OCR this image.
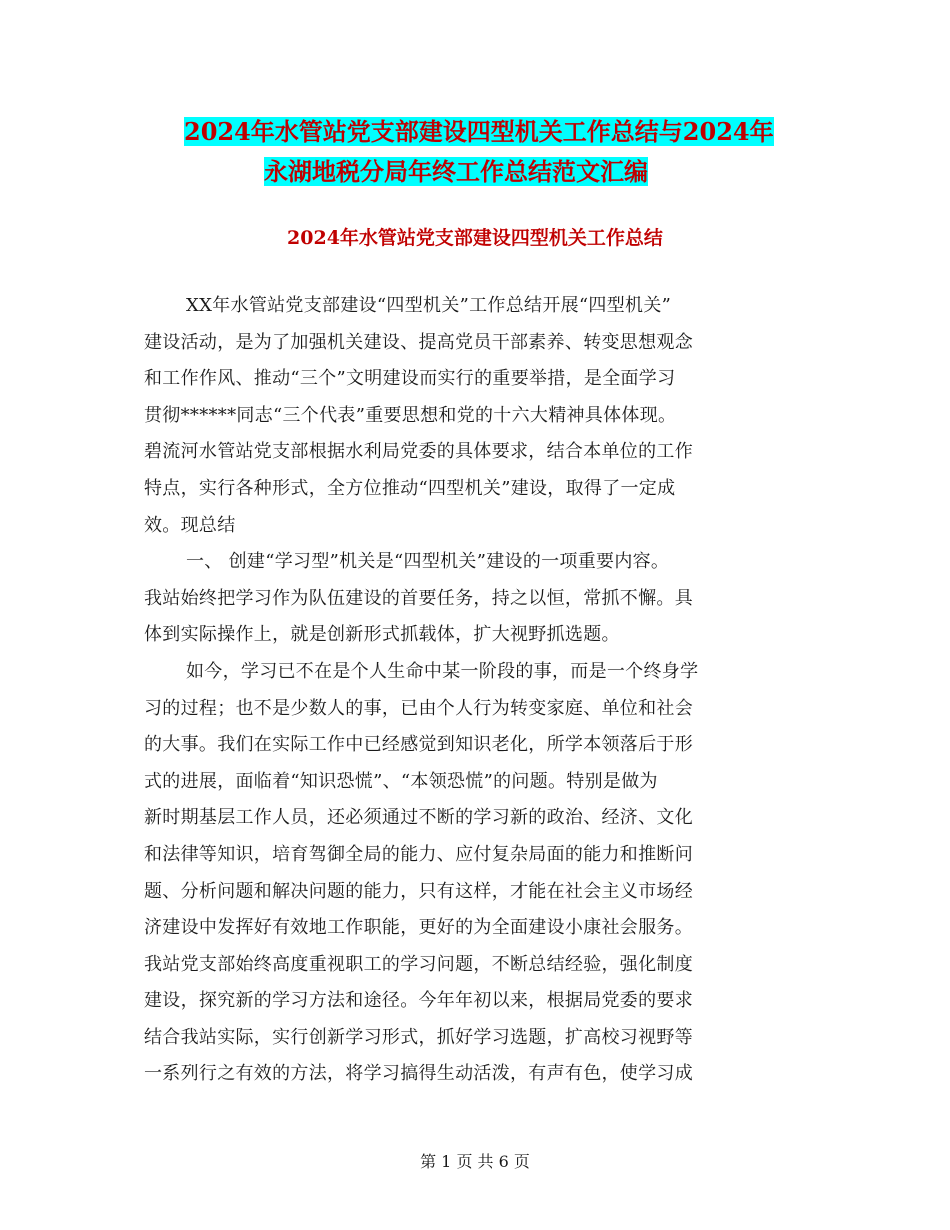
2024年水管站党支部建设四型机关工作总结与2024年
永湖地税分局年终工作总结范文汇编
2024年水管站党支部建设四型机关工作总结
XX年水管站党支部建设“四型机关”工作总结开展“四型机关”
建设活动，是为了加强机关建设、提高党员干部素养、转变思想观念
和工作作风、推动“三个”文明建设而实行的重要举措，是全面学习
贯彻******同志“三个代表”重要思想和党的十六大精神具体体现。
碧流河水管站党支部根据水利局党委的具体要求，结合本单位的工作
特点，实行各种形式，全方位推动“四型机关”建设，取得了一定成
效。现总结
一、 创建“学习型”机关是“四型机关”建设的一项重要内容。
我站始终把学习作为队伍建设的首要任务，持之以恒，常抓不懈。具
体到实际操作上，就是创新形式抓载体，扩大视野抓选题。
如今，学习已不在是个人生命中某一阶段的事，而是一个终身学
习的过程；也不是少数人的事，已由个人行为转变家庭、单位和社会
的大事。我们在实际工作中已经感觉到知识老化，所学本领落后于形
式的进展，面临着“知识恐慌”、“本领恐慌”的问题。特别是做为
新时期基层工作人员，还必须通过不断的学习新的政治、经济、文化
和法律等知识，培育驾御全局的能力、应付复杂局面的能力和推断问
题、分析问题和解决问题的能力，只有这样，才能在社会主义市场经
济建设中发挥好有效地工作职能，更好的为全面建设小康社会服务。
我站党支部始终高度重视职工的学习问题，不断总结经验，强化制度
建设，探究新的学习方法和途径。今年年初以来，根据局党委的要求
结合我站实际，实行创新学习形式，抓好学习选题，扩高校习视野等
一系列行之有效的方法，将学习搞得生动活泼，有声有色，使学习成
第 1 页 共 6 页
